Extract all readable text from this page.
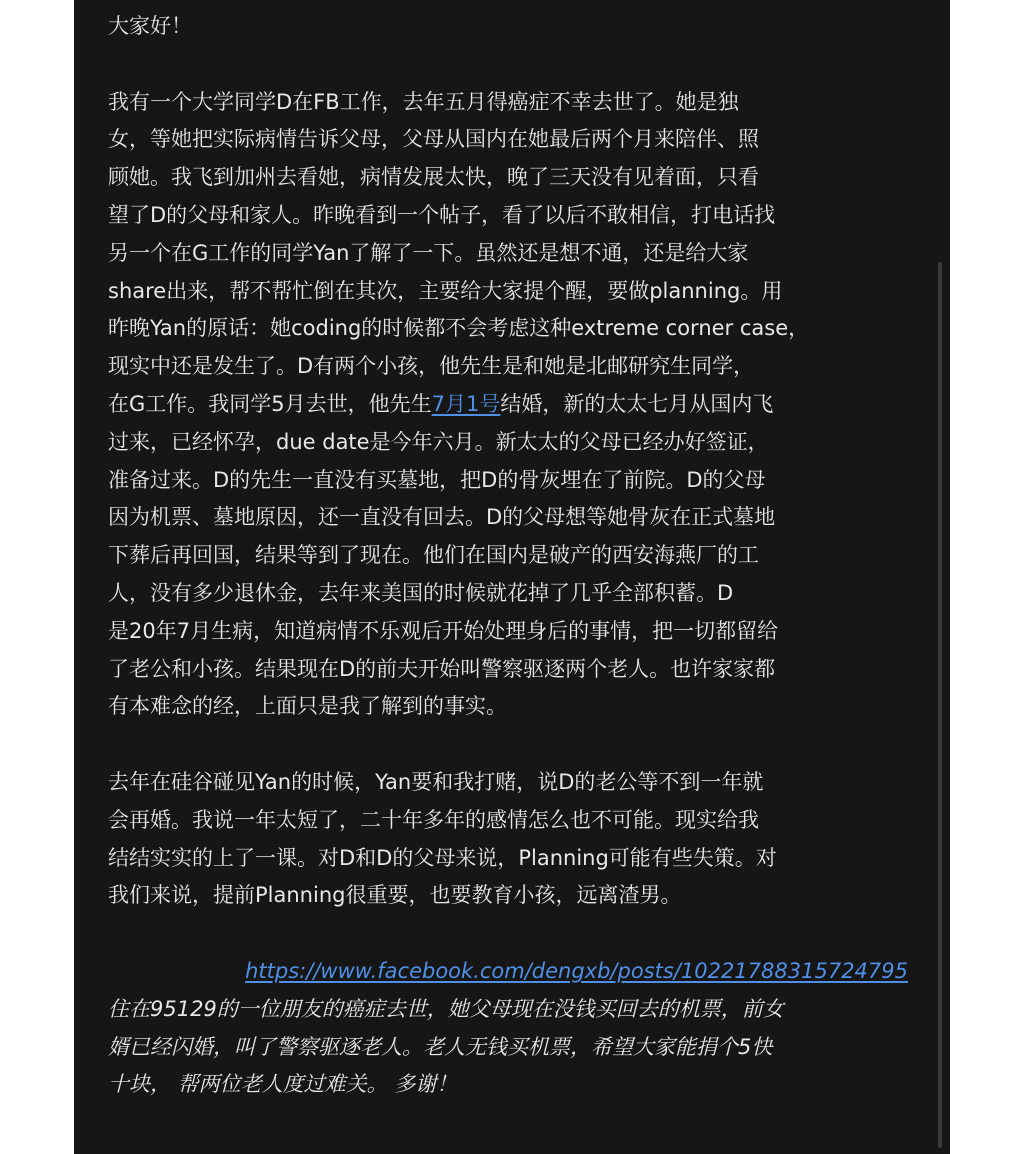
大家好！
我有一个大学同学D在FB工作，去年五月得癌症不幸去世了。她是独
女，等她把实际病情告诉父母，父母从国内在她最后两个月来陪伴、照
顾她。我飞到加州去看她，病情发展太快，晚了三天没有见着面，只看
望了D的父母和家人。昨晚看到一个帖子，看了以后不敢相信，打电话找
另一个在G工作的同学Yan了解了一下。虽然还是想不通，还是给大家
share出来，帮不帮忙倒在其次，主要给大家提个醒，要做planning。用
昨晚Yan的原话：她coding的时候都不会考虑这种extreme corner case，
现实中还是发生了。D有两个小孩，他先生是和她是北邮研究生同学，
在G工作。我同学5月去世，他先生7月1号结婚，新的太太七月从国内飞
过来，已经怀孕，due date是今年六月。新太太的父母已经办好签证，
准备过来。D的先生一直没有买墓地，把D的骨灰埋在了前院。D的父母
因为机票、墓地原因，还一直没有回去。D的父母想等她骨灰在正式墓地
下葬后再回国，结果等到了现在。他们在国内是破产的西安海燕厂的工
人，没有多少退休金，去年来美国的时候就花掉了几乎全部积蓄。D
是20年7月生病，知道病情不乐观后开始处理身后的事情，把一切都留给
了老公和小孩。结果现在D的前夫开始叫警察驱逐两个老人。也许家家都
有本难念的经，上面只是我了解到的事实。
去年在硅谷碰见Yan的时候，Yan要和我打赌，说D的老公等不到一年就
会再婚。我说一年太短了，二十年多年的感情怎么也不可能。现实给我
结结实实的上了一课。对D和D的父母来说，Planning可能有些失策。对
我们来说，提前Planning很重要，也要教育小孩，远离渣男。
https://www.facebook.com/dengxb/posts/10221788315724795
住在95129的一位朋友的癌症去世，她父母现在没钱买回去的机票，前女
婿已经闪婚，叫了警察驱逐老人。老人无钱买机票，希望大家能捐个5快
十块， 帮两位老人度过难关。 多谢！
